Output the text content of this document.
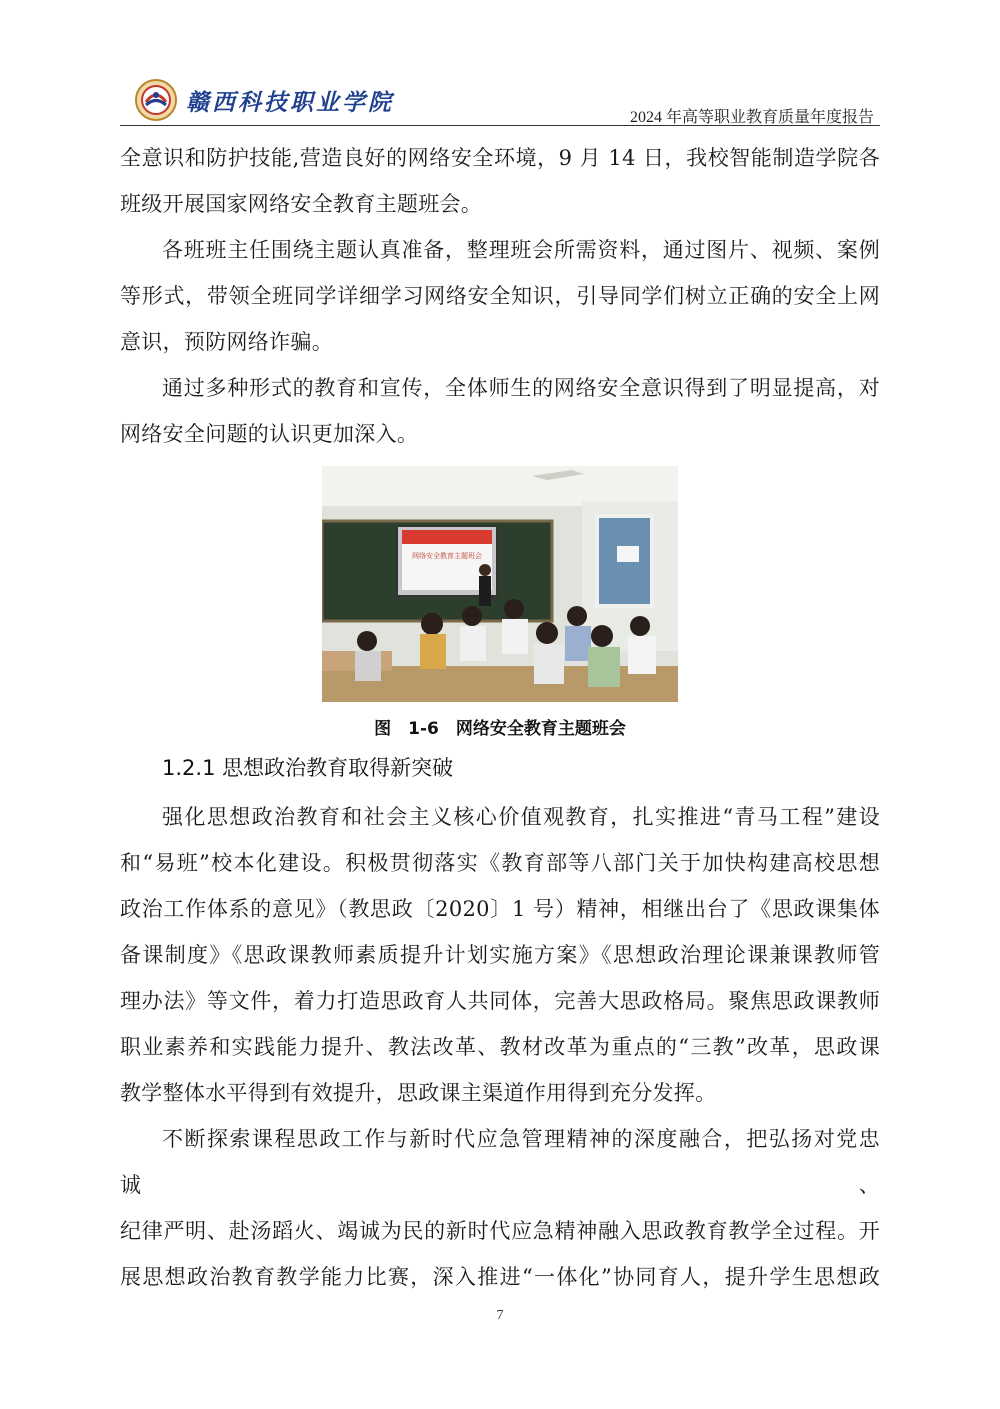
赣西科技职业学院
2024 年高等职业教育质量年度报告

全意识和防护技能,营造良好的网络安全环境，9 月 14 日，我校智能制造学院各

班级开展国家网络安全教育主题班会。

各班班主任围绕主题认真准备，整理班会所需资料，通过图片、视频、案例

等形式，带领全班同学详细学习网络安全知识，引导同学们树立正确的安全上网

意识，预防网络诈骗。

通过多种形式的教育和宣传，全体师生的网络安全意识得到了明显提高，对

网络安全问题的认识更加深入。

网络安全教育主题班会
图　1-6　网络安全教育主题班会
1.2.1 思想政治教育取得新突破

强化思想政治教育和社会主义核心价值观教育，扎实推进“青马工程”建设

和“易班”校本化建设。积极贯彻落实《教育部等八部门关于加快构建高校思想

政治工作体系的意见》（教思政〔2020〕1 号）精神，相继出台了《思政课集体

备课制度》《思政课教师素质提升计划实施方案》《思想政治理论课兼课教师管

理办法》等文件，着力打造思政育人共同体，完善大思政格局。聚焦思政课教师

职业素养和实践能力提升、教法改革、教材改革为重点的“三教”改革，思政课

教学整体水平得到有效提升，思政课主渠道作用得到充分发挥。

不断探索课程思政工作与新时代应急管理精神的深度融合，把弘扬对党忠诚、

纪律严明、赴汤蹈火、竭诚为民的新时代应急精神融入思政教育教学全过程。开

展思想政治教育教学能力比赛，深入推进“一体化”协同育人，提升学生思想政

7
